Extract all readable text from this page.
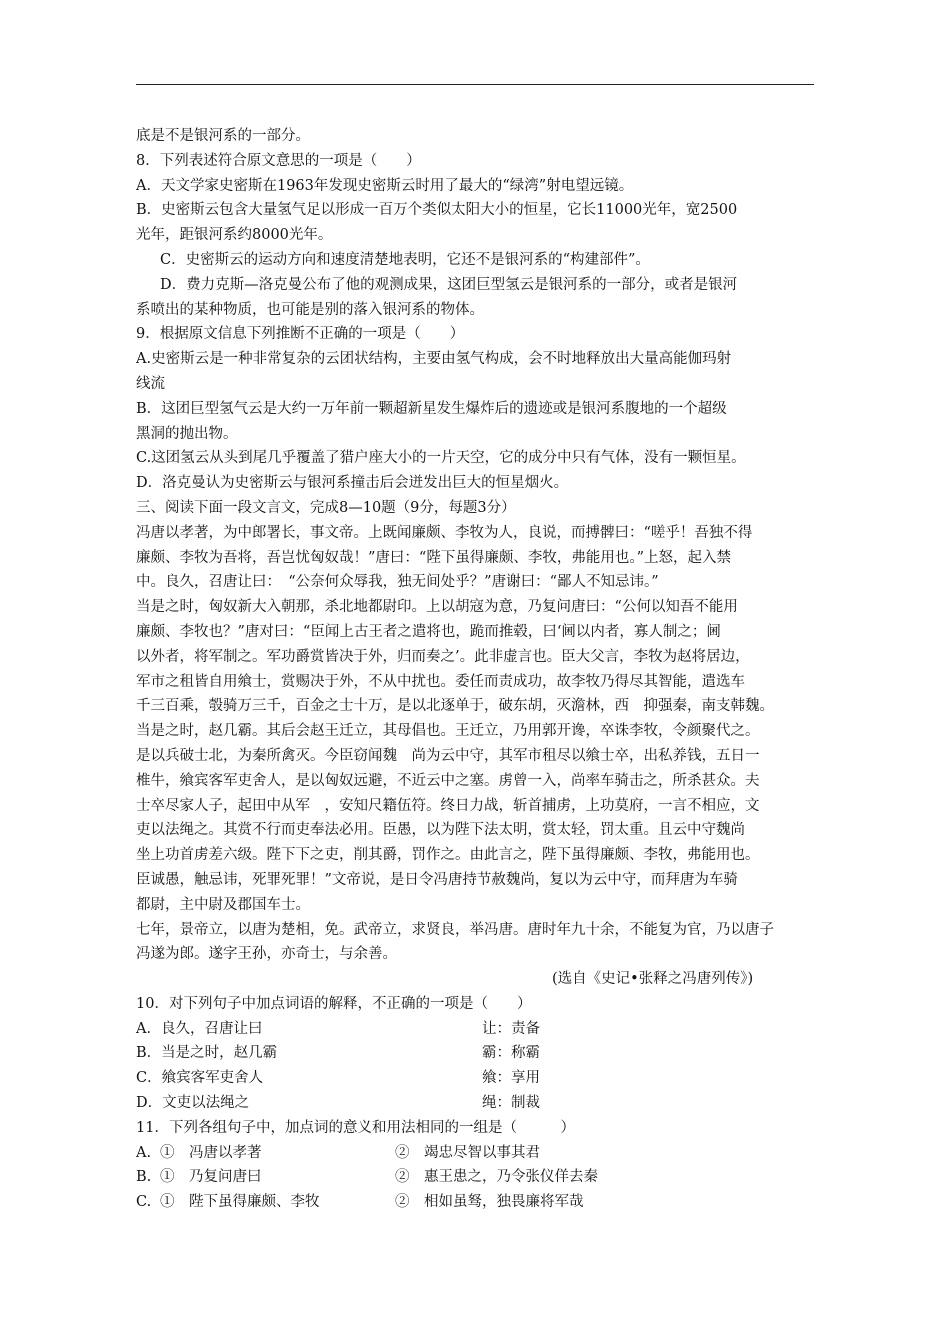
底是不是银河系的一部分。
8．下列表述符合原文意思的一项是（　　）
A．天文学家史密斯在1963年发现史密斯云时用了最大的“绿湾”射电望远镜。
B．史密斯云包含大量氢气足以形成一百万个类似太阳大小的恒星，它长11000光年，宽2500
光年，距银河系约8000光年。
C．史密斯云的运动方向和速度清楚地表明，它还不是银河系的“构建部件”。
D．费力克斯—洛克曼公布了他的观测成果，这团巨型氢云是银河系的一部分，或者是银河
系喷出的某种物质，也可能是别的落入银河系的物体。
9．根据原文信息下列推断不正确的一项是（　　）
A.史密斯云是一种非常复杂的云团状结构，主要由氢气构成，会不时地释放出大量高能伽玛射
线流
B．这团巨型氢气云是大约一万年前一颗超新星发生爆炸后的遗迹或是银河系腹地的一个超级
黑洞的抛出物。
C.这团氢云从头到尾几乎覆盖了猎户座大小的一片天空，它的成分中只有气体，没有一颗恒星。
D．洛克曼认为史密斯云与银河系撞击后会迸发出巨大的恒星烟火。
三、阅读下面一段文言文，完成8—10题（9分，每题3分）
冯唐以孝著，为中郎署长，事文帝。上既闻廉颇、李牧为人，良说，而搏髀曰：“嗟乎！吾独不得
廉颇、李牧为吾将，吾岂忧匈奴哉！”唐曰：“陛下虽得廉颇、李牧，弗能用也。”上怒，起入禁
中。良久，召唐让曰：　“公奈何众辱我，独无间处乎？”唐谢曰：“鄙人不知忌讳。”
当是之时，匈奴新大入朝那，杀北地都尉印。上以胡寇为意，乃复问唐曰：“公何以知吾不能用
廉颇、李牧也？”唐对曰：“臣闻上古王者之遣将也，跪而推毂，曰‘阃以内者，寡人制之；阃
以外者，将军制之。军功爵赏皆决于外，归而奏之’。此非虚言也。臣大父言，李牧为赵将居边，
军市之租皆自用飨士，赏赐决于外，不从中扰也。委任而责成功，故李牧乃得尽其智能，遣选车
千三百乘，彀骑万三千，百金之士十万，是以北逐单于，破东胡，灭澹林，西　抑强秦，南支韩魏。
当是之时，赵几霸。其后会赵王迁立，其母倡也。王迁立，乃用郭开谗，卒诛李牧，令颜聚代之。
是以兵破士北，为秦所禽灭。今臣窃闻魏　尚为云中守，其军市租尽以飨士卒，出私养钱，五日一
椎牛，飨宾客军吏舍人，是以匈奴远避，不近云中之塞。虏曾一入，尚率车骑击之，所杀甚众。夫
士卒尽家人子，起田中从军　，安知尺籍伍符。终日力战，斩首捕虏，上功莫府，一言不相应，文
吏以法绳之。其赏不行而吏奉法必用。臣愚，以为陛下法太明，赏太轻，罚太重。且云中守魏尚
坐上功首虏差六级。陛下下之吏，削其爵，罚作之。由此言之，陛下虽得廉颇、李牧，弗能用也。
臣诚愚，触忌讳，死罪死罪！”文帝说，是日令冯唐持节赦魏尚，复以为云中守，而拜唐为车骑
都尉，主中尉及郡国车士。
七年，景帝立，以唐为楚相，免。武帝立，求贤良，举冯唐。唐时年九十余，不能复为官，乃以唐子
冯遂为郎。遂字王孙，亦奇士，与余善。
(选自《史记•张释之冯唐列传》)
10．对下列句子中加点词语的解释，不正确的一项是（　　）
A．良久，召唐让曰	让：责备
B．当是之时，赵几霸	霸：称霸
C．飨宾客军吏舍人	飨：享用
D．文吏以法绳之	绳：制裁
11．下列各组句子中，加点词的意义和用法相同的一组是（　　　）
A. ①　冯唐以孝著	②　竭忠尽智以事其君
B. ①　乃复问唐曰	②　惠王患之，乃令张仪佯去秦
C. ①　陛下虽得廉颇、李牧	②　相如虽驽，独畏廉将军哉
